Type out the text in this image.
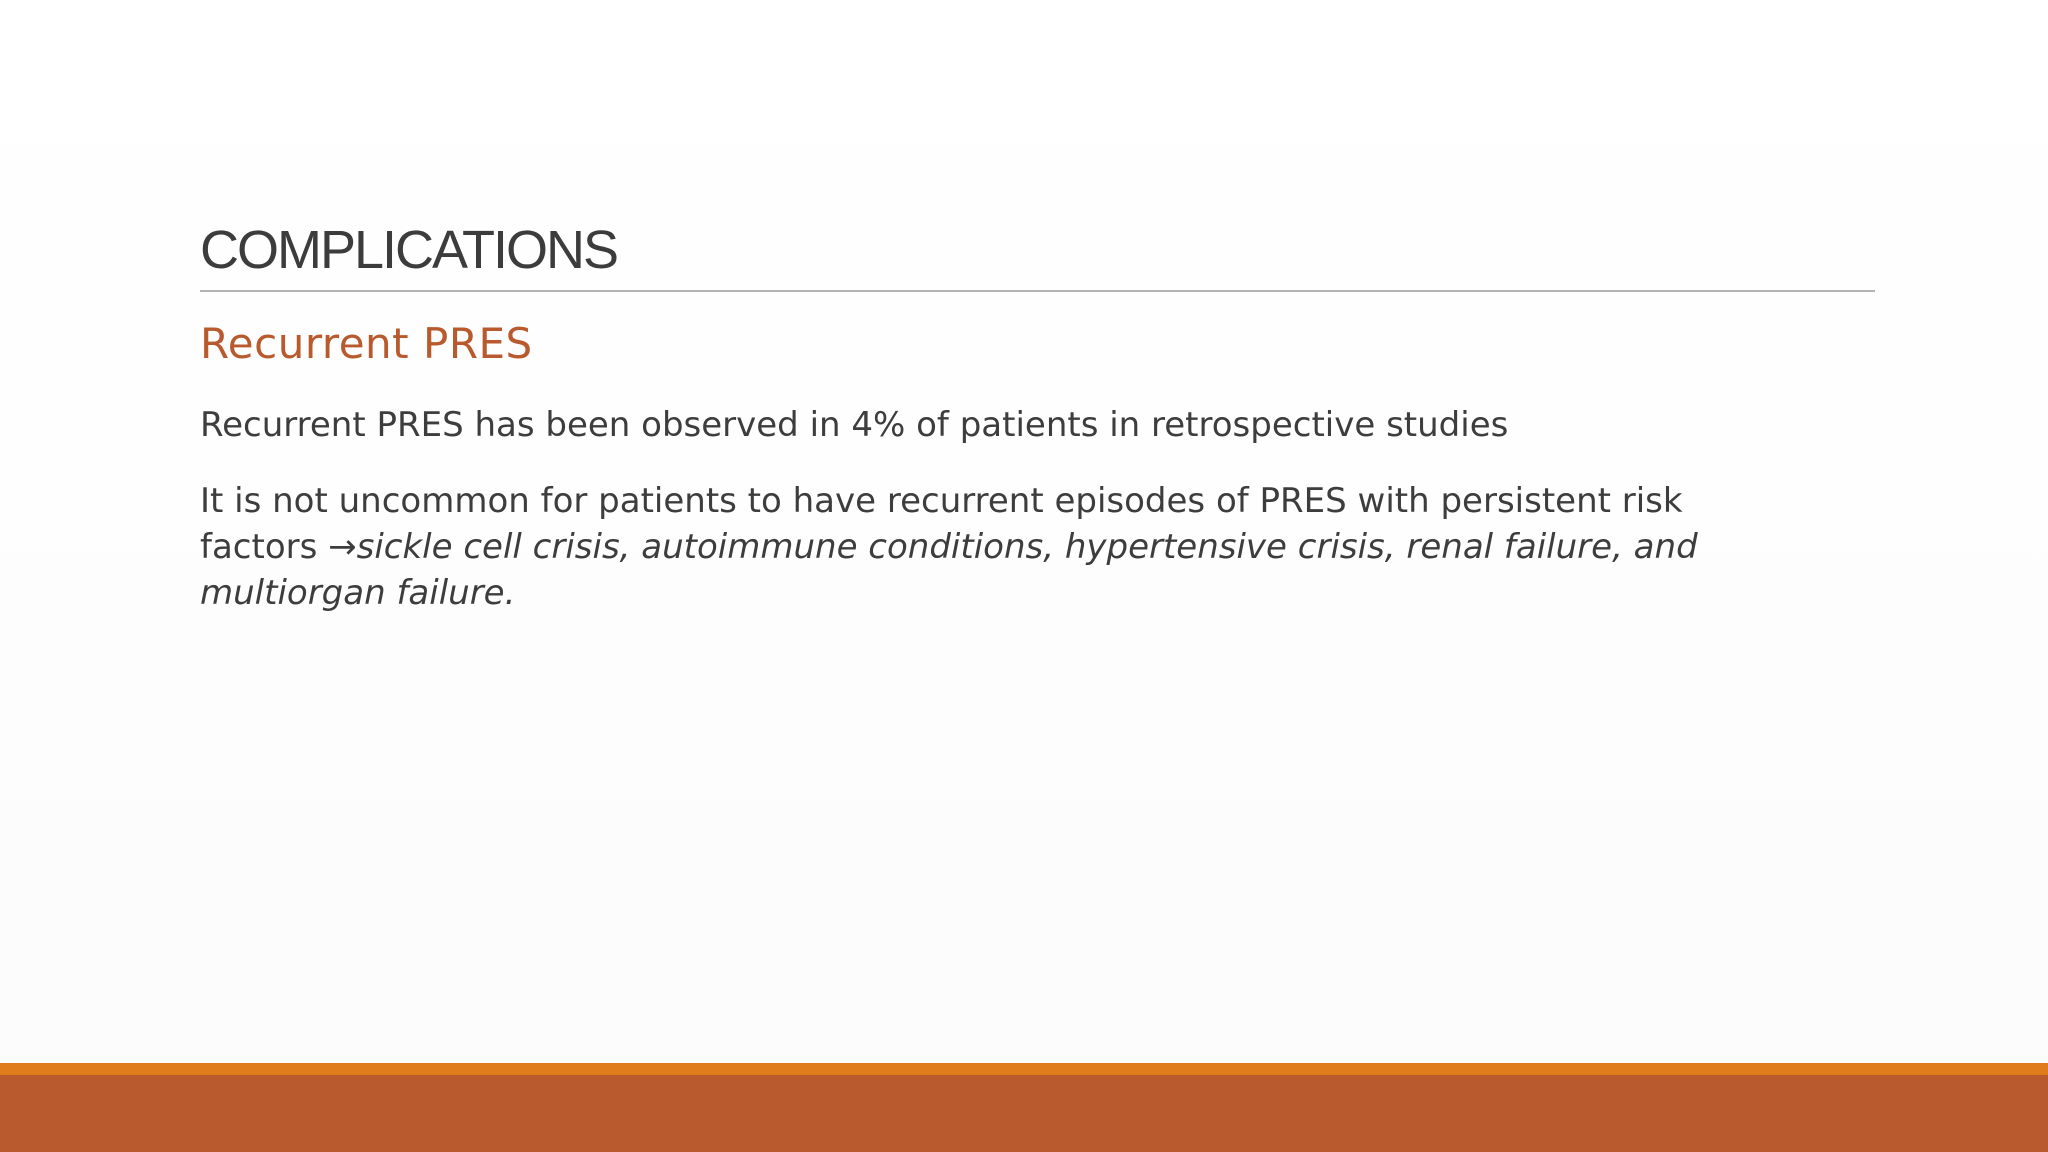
COMPLICATIONS
Recurrent PRES

Recurrent PRES has been observed in 4% of patients in retrospective studies

It is not uncommon for patients to have recurrent episodes of PRES with persistent risk factors →sickle cell crisis, autoimmune conditions, hypertensive crisis, renal failure, and multiorgan failure.
